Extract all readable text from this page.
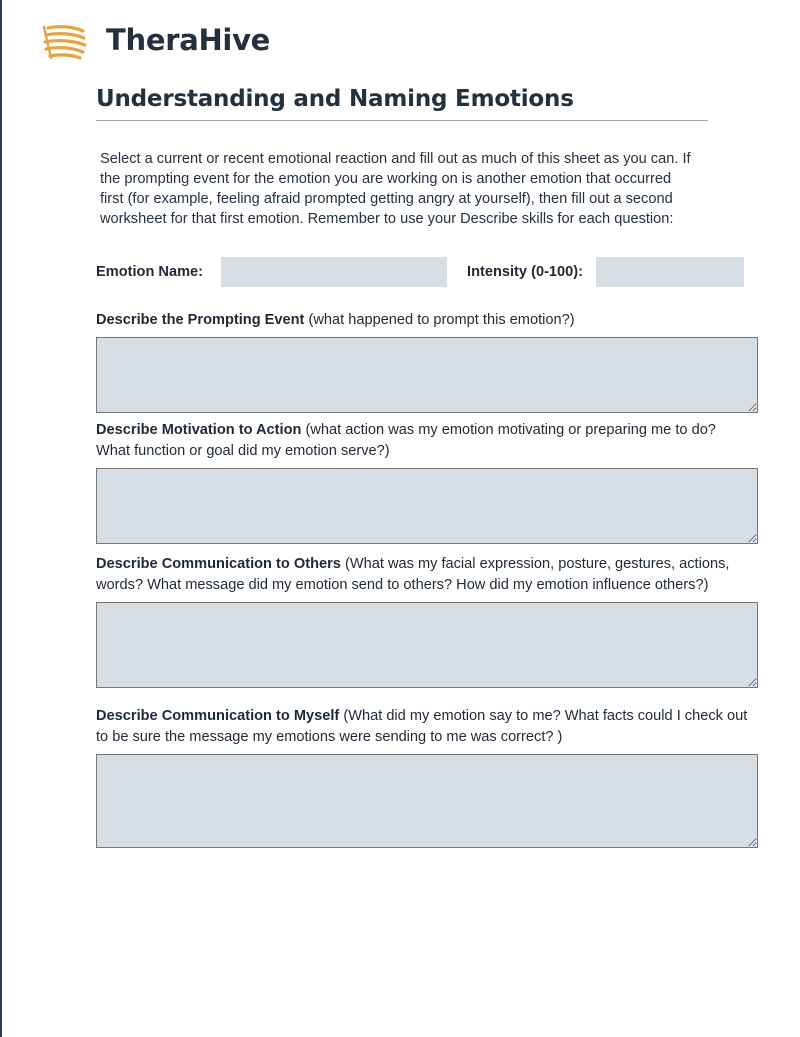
TheraHive
Understanding and Naming Emotions

Select a current or recent emotional reaction and fill out as much of this sheet as you can. If the prompting event for the emotion you are working on is another emotion that occurred first (for example, feeling afraid prompted getting angry at yourself), then fill out a second worksheet for that first emotion. Remember to use your Describe skills for each question:

Emotion Name:	Intensity (0-100):
Describe the Prompting Event (what happened to prompt this emotion?)
Describe Motivation to Action (what action was my emotion motivating or preparing me to do? What function or goal did my emotion serve?)
Describe Communication to Others (What was my facial expression, posture, gestures, actions, words? What message did my emotion send to others? How did my emotion influence others?)
Describe Communication to Myself (What did my emotion say to me? What facts could I check out to be sure the message my emotions were sending to me was correct? )
